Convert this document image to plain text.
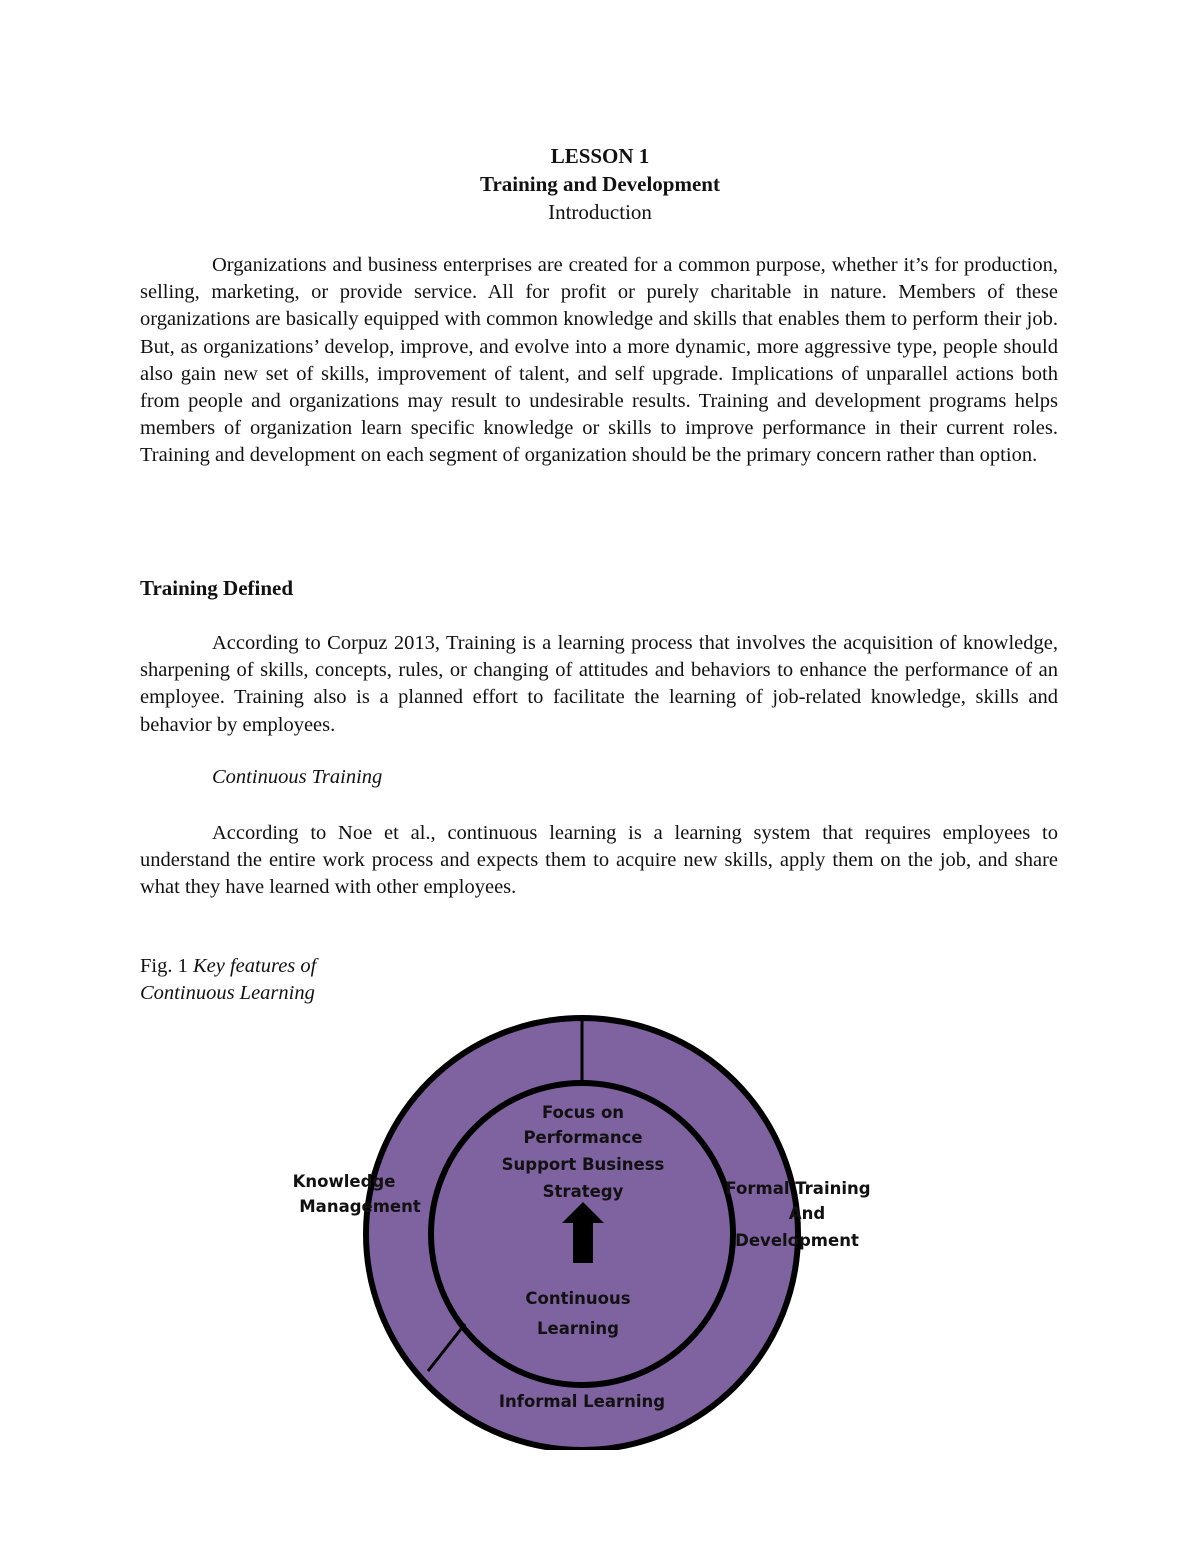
LESSON 1
Training and Development
Introduction

Organizations and business enterprises are created for a common purpose, whether it’s for production, selling, marketing, or provide service. All for profit or purely charitable in nature. Members of these organizations are basically equipped with common knowledge and skills that enables them to perform their job. But, as organizations’ develop, improve, and evolve into a more dynamic, more aggressive type, people should also gain new set of skills, improvement of talent, and self upgrade. Implications of unparallel actions both from people and organizations may result to undesirable results. Training and development programs helps members of organization learn specific knowledge or skills to improve performance in their current roles. Training and development on each segment of organization should be the primary concern rather than option.

Training Defined

According to Corpuz 2013, Training is a learning process that involves the acquisition of knowledge, sharpening of skills, concepts, rules, or changing of attitudes and behaviors to enhance the performance of an employee. Training also is a planned effort to facilitate the learning of job-related knowledge, skills and behavior by employees.

Continuous Training

According to Noe et al., continuous learning is a learning system that requires employees to understand the entire work process and expects them to acquire new skills, apply them on the job, and share what they have learned with other employees.

Fig. 1 Key features of
Continuous Learning
Focus on
Performance
Support Business
Strategy
Continuous
Learning
Knowledge
Management
Formal Training
And
Development
Informal Learning
